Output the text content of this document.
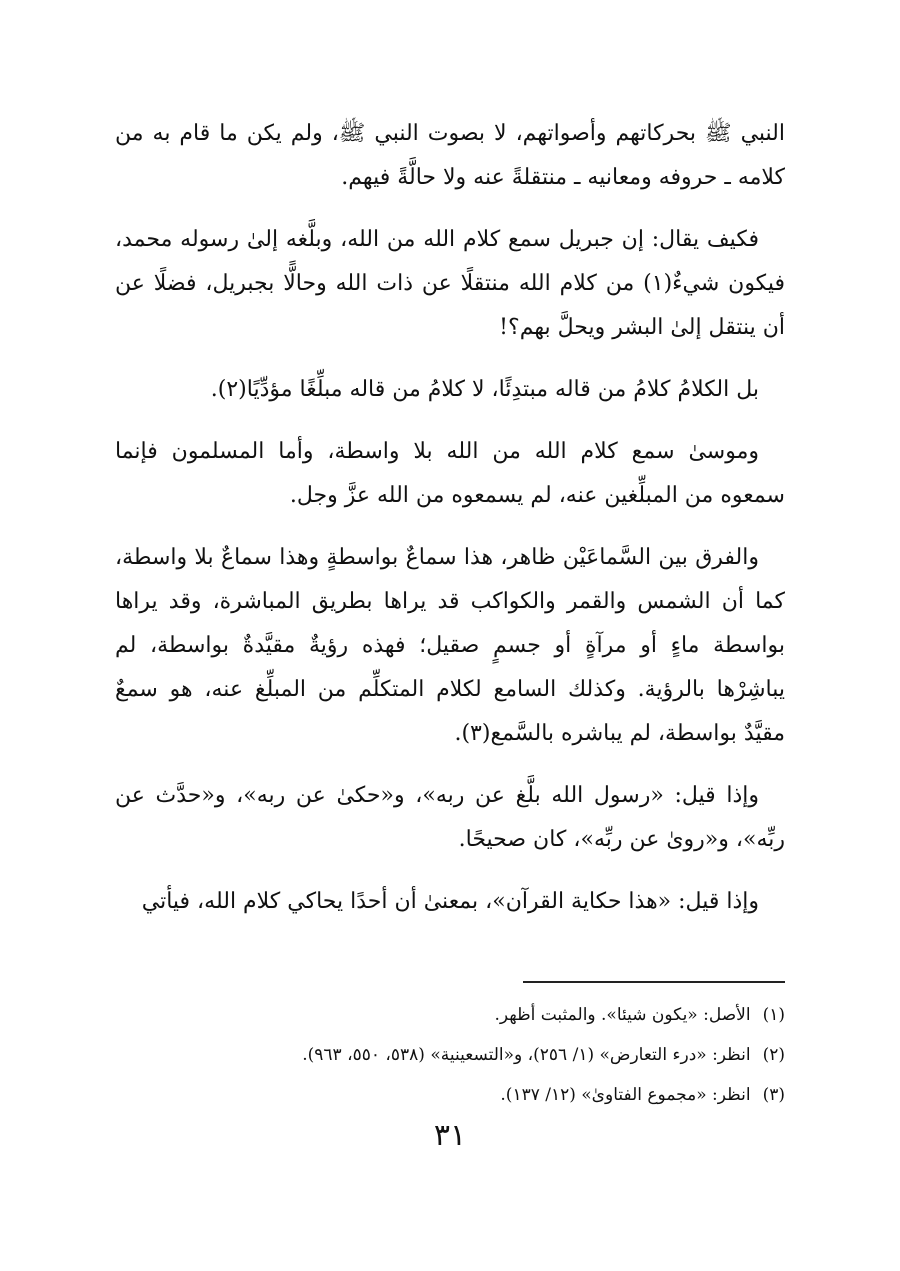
النبي ﷺ بحركاتهم وأصواتهم، لا بصوت النبي ﷺ، ولم يكن ما قام به من كلامه ـ حروفه ومعانيه ـ منتقلةً عنه ولا حالَّةً فيهم.

فكيف يقال: إن جبريل سمع كلام الله من الله، وبلَّغه إلىٰ رسوله محمد، فيكون شيءٌ(١) من كلام الله منتقلًا عن ذات الله وحالًّا بجبريل، فضلًا عن أن ينتقل إلىٰ البشر ويحلَّ بهم؟!

بل الكلامُ كلامُ من قاله مبتدِئًا، لا كلامُ من قاله مبلِّغًا مؤدِّيًا(٢).

وموسىٰ سمع كلام الله من الله بلا واسطة، وأما المسلمون فإنما سمعوه من المبلِّغين عنه، لم يسمعوه من الله عزَّ وجل.

والفرق بين السَّماعَيْن ظاهر، هذا سماعٌ بواسطةٍ وهذا سماعٌ بلا واسطة، كما أن الشمس والقمر والكواكب قد يراها بطريق المباشرة، وقد يراها بواسطة ماءٍ أو مرآةٍ أو جسمٍ صقيل؛ فهذه رؤيةٌ مقيَّدةٌ بواسطة، لم يباشِرْها بالرؤية. وكذلك السامع لكلام المتكلِّم من المبلِّغ عنه، هو سمعٌ مقيَّدٌ بواسطة، لم يباشره بالسَّمع(٣).

وإذا قيل: «رسول الله بلَّغ عن ربه»، و«حكىٰ عن ربه»، و«حدَّث عن ربِّه»، و«روىٰ عن ربِّه»، كان صحيحًا.

وإذا قيل: «هذا حكاية القرآن»، بمعنىٰ أن أحدًا يحاكي كلام الله، فيأتي

(١)الأصل: «يكون شيئا». والمثبت أظهر.
(٢)انظر: «درء التعارض» (١/ ٢٥٦)، و«التسعينية» (٥٣٨، ٥٥٠، ٩٦٣).
(٣)انظر: «مجموع الفتاوىٰ» (١٢/ ١٣٧).
٣١
